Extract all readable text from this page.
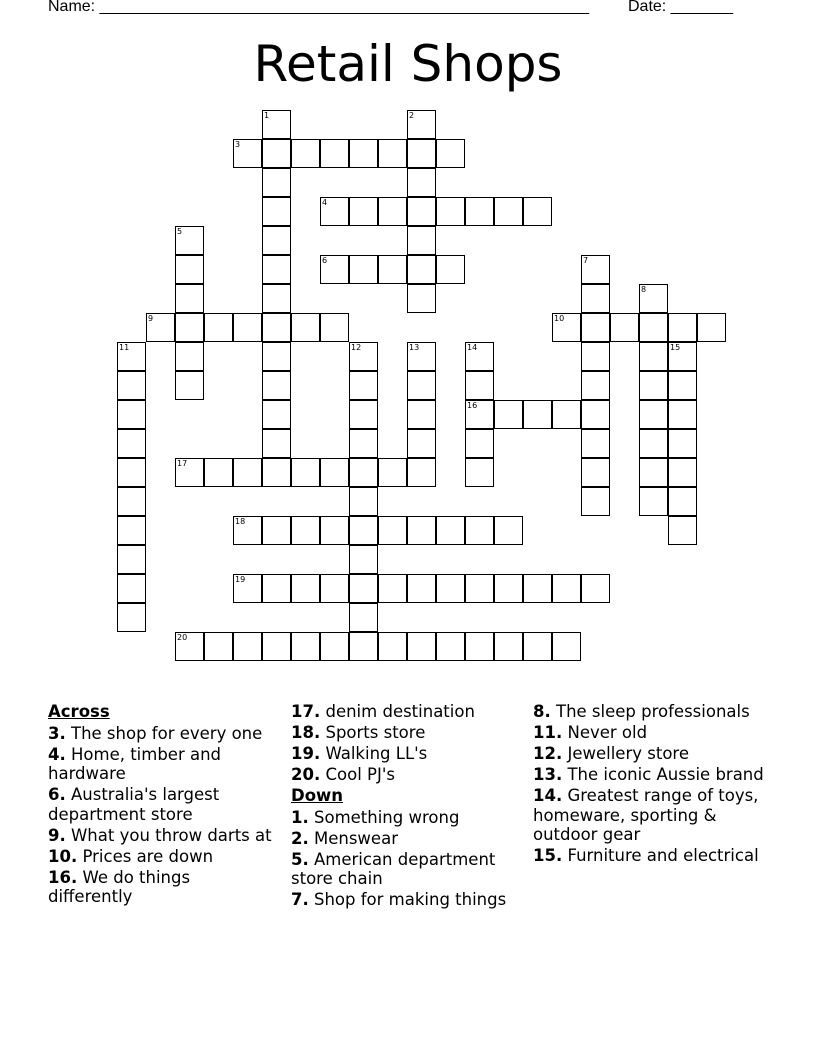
Name: _______________________________________________________ Date: _______
Retail Shops
1	2
3
4
5
6	7
8
9	10
11	12	13	14
16
15
17
18
19
20
Across
3. The shop for every one
4. Home, timber and hardware
6. Australia's largest department store
9. What you throw darts at
10. Prices are down
16. We do things differently
17. denim destination
18. Sports store
19. Walking LL's
20. Cool PJ's
Down
1. Something wrong
2. Menswear
5. American department store chain
7. Shop for making things
8. The sleep professionals
11. Never old
12. Jewellery store
13. The iconic Aussie brand
14. Greatest range of toys, homeware, sporting & outdoor gear
15. Furniture and electrical
